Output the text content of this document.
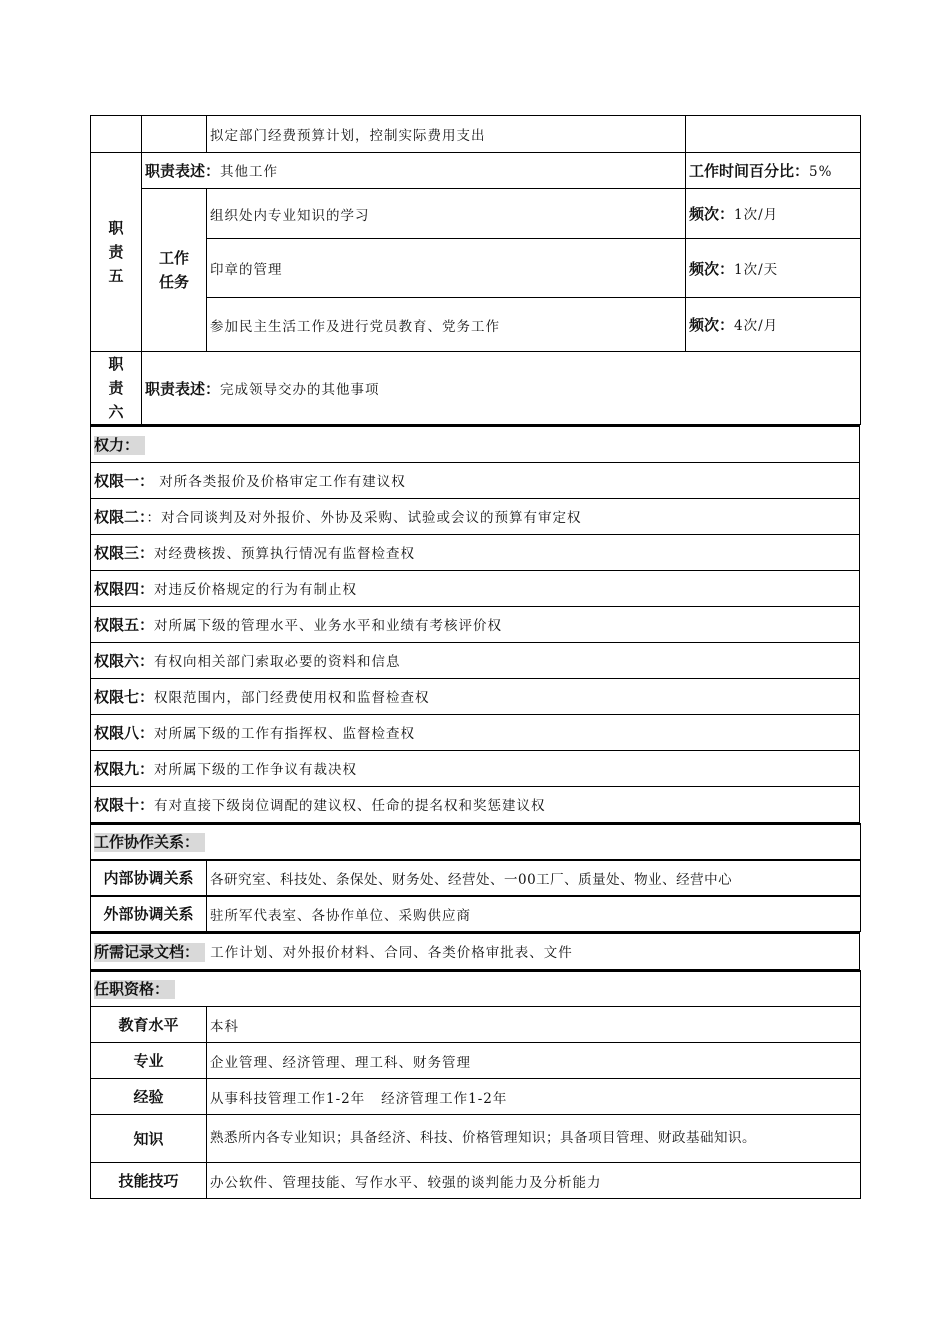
		拟定部门经费预算计划，控制实际费用支出	

职
责
五	职责表述：其他工作		工作时间百分比：5%

	工作
任务	组织处内专业知识的学习	频次：1次/月
		印章的管理	频次：1次/天
		参加民主生活工作及进行党员教育、党务工作	频次：4次/月

职
责
六	职责表述：完成领导交办的其他事项		
权力：
权限一： 对所各类报价及价格审定工作有建议权
权限二：：对合同谈判及对外报价、外协及采购、试验或会议的预算有审定权
权限三：对经费核拨、预算执行情况有监督检查权
权限四：对违反价格规定的行为有制止权
权限五：对所属下级的管理水平、业务水平和业绩有考核评价权
权限六：有权向相关部门索取必要的资料和信息
权限七：权限范围内，部门经费使用权和监督检查权
权限八：对所属下级的工作有指挥权、监督检查权
权限九：对所属下级的工作争议有裁决权
权限十：有对直接下级岗位调配的建议权、任命的提名权和奖惩建议权
工作协作关系：	
内部协调关系	各研究室、科技处、条保处、财务处、经营处、一00工厂、质量处、物业、经营中心
外部协调关系	驻所军代表室、各协作单位、采购供应商
所需记录文档： 工作计划、对外报价材料、合同、各类价格审批表、文件
任职资格：	
教育水平	本科
专业	企业管理、经济管理、理工科、财务管理
经验	从事科技管理工作1-2年   经济管理工作1-2年
知识	熟悉所内各专业知识；具备经济、科技、价格管理知识；具备项目管理、财政基础知识。
技能技巧	办公软件、管理技能、写作水平、较强的谈判能力及分析能力
